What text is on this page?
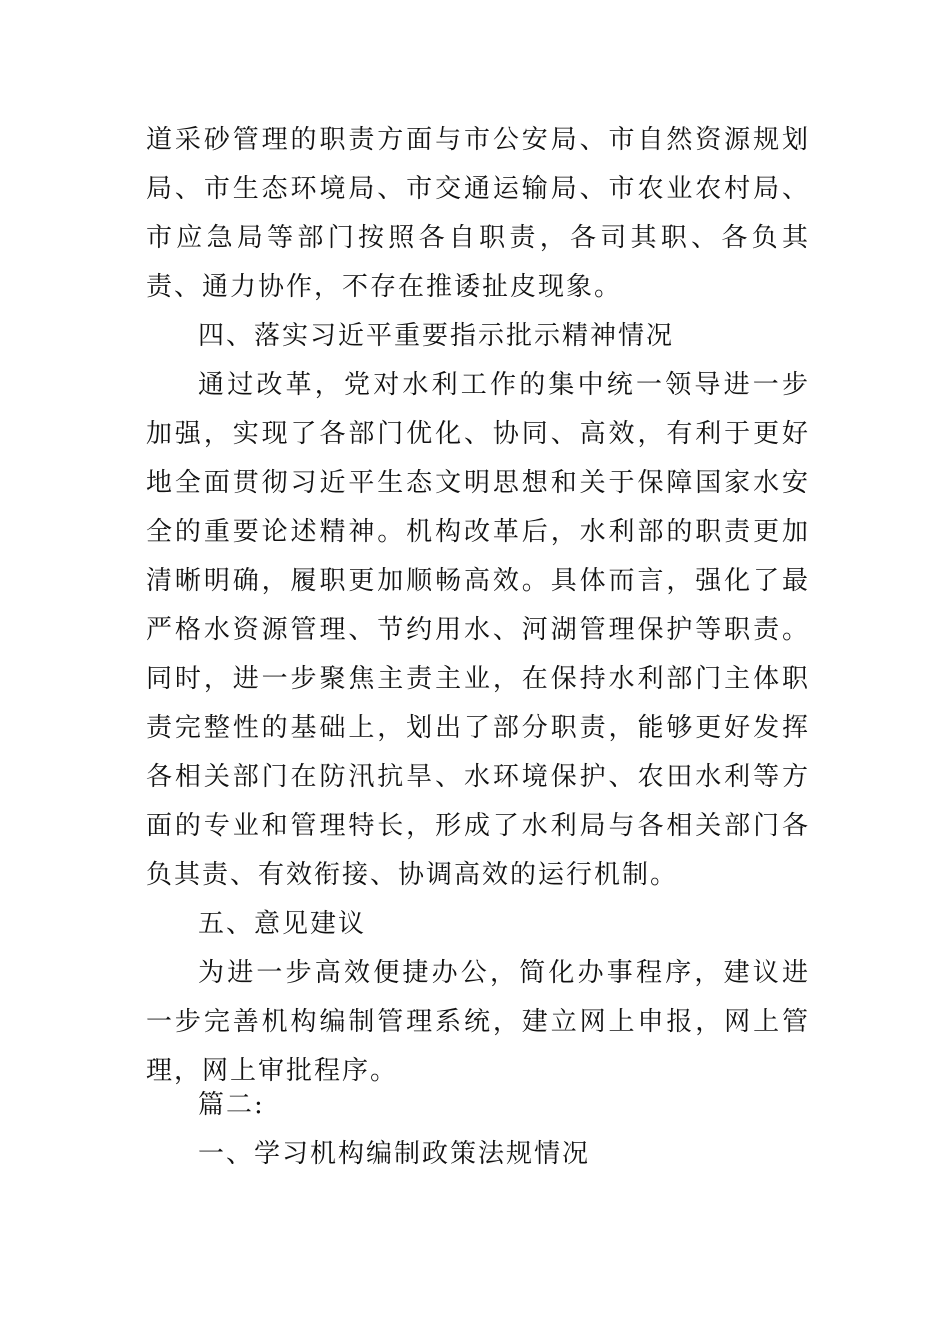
道采砂管理的职责方面与市公安局、市自然资源规划局、市生态环境局、市交通运输局、市农业农村局、市应急局等部门按照各自职责，各司其职、各负其责、通力协作，不存在推诿扯皮现象。

四、落实习近平重要指示批示精神情况

通过改革，党对水利工作的集中统一领导进一步加强，实现了各部门优化、协同、高效，有利于更好地全面贯彻习近平生态文明思想和关于保障国家水安全的重要论述精神。机构改革后，水利部的职责更加清晰明确，履职更加顺畅高效。具体而言，强化了最严格水资源管理、节约用水、河湖管理保护等职责。同时，进一步聚焦主责主业，在保持水利部门主体职责完整性的基础上，划出了部分职责，能够更好发挥各相关部门在防汛抗旱、水环境保护、农田水利等方面的专业和管理特长，形成了水利局与各相关部门各负其责、有效衔接、协调高效的运行机制。

五、意见建议

为进一步高效便捷办公，简化办事程序，建议进一步完善机构编制管理系统，建立网上申报，网上管理，网上审批程序。

篇二:

一、学习机构编制政策法规情况
